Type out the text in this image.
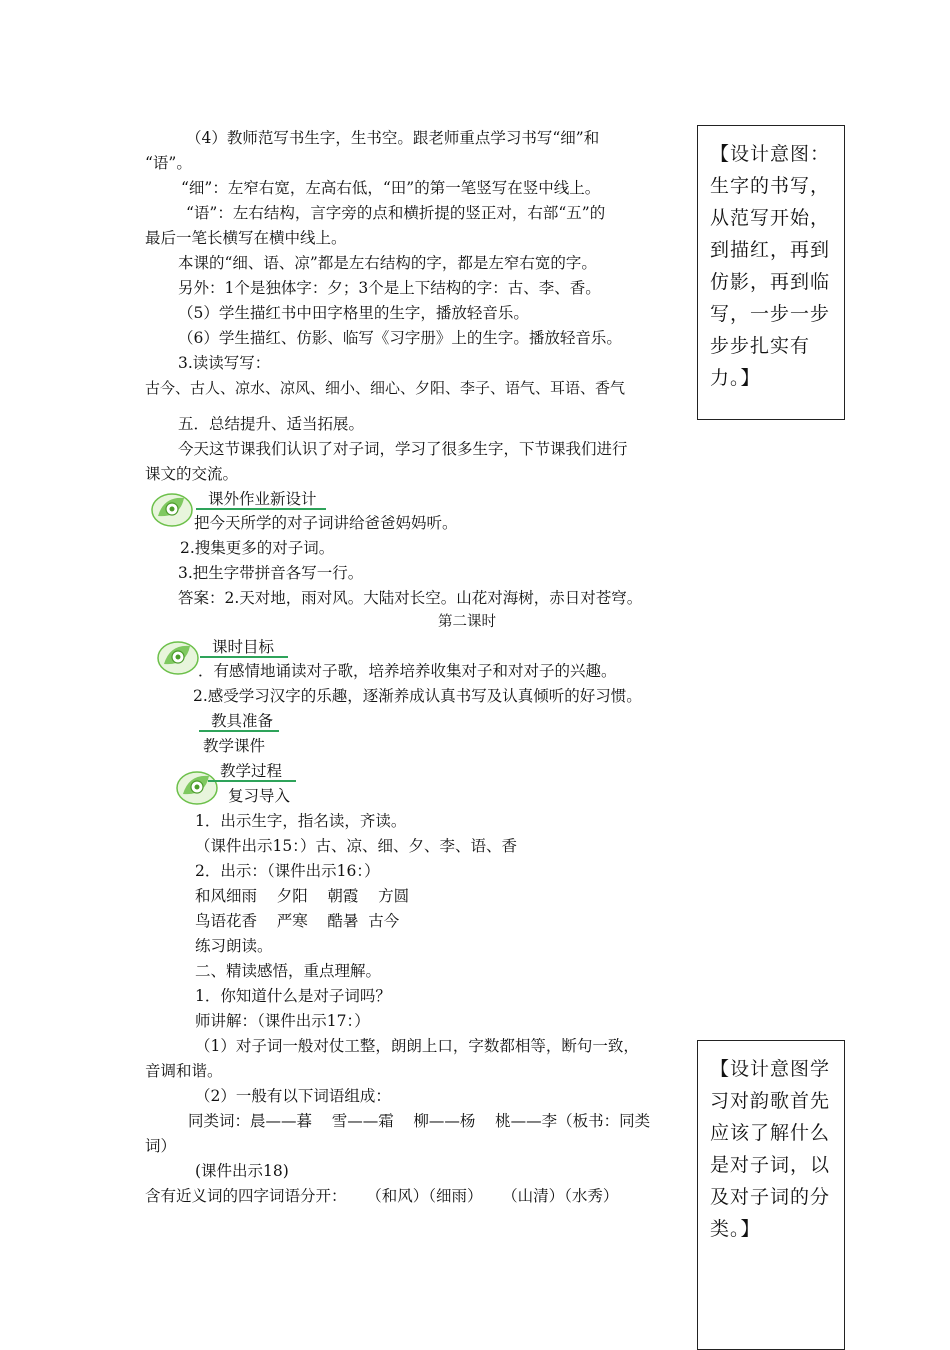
（4）教师范写书生字，生书空。跟老师重点学习书写“细”和
“语”。
“细”：左窄右宽，左高右低，“田”的第一笔竖写在竖中线上。
“语”：左右结构，言字旁的点和横折提的竖正对，右部“五”的
最后一笔长横写在横中线上。
本课的“细、语、凉”都是左右结构的字，都是左窄右宽的字。
另外：1个是独体字：夕；3个是上下结构的字：古、李、香。
（5）学生描红书中田字格里的生字，播放轻音乐。
（6）学生描红、仿影、临写《习字册》上的生字。播放轻音乐。
3.读读写写：
古今、古人、凉水、凉风、细小、细心、夕阳、李子、语气、耳语、香气
五．总结提升、适当拓展。
今天这节课我们认识了对子词，学习了很多生字，下节课我们进行
课文的交流。
课外作业新设计
把今天所学的对子词讲给爸爸妈妈听。
2.搜集更多的对子词。
3.把生字带拼音各写一行。
答案：2.天对地，雨对风。大陆对长空。山花对海树，赤日对苍穹。
第二课时
课时目标
．有感情地诵读对子歌，培养培养收集对子和对对子的兴趣。
2.感受学习汉字的乐趣，逐渐养成认真书写及认真倾听的好习惯。
教具准备
教学课件
教学过程
复习导入
1．出示生字，指名读，齐读。
（课件出示15：）古、凉、细、夕、李、语、香
2．出示：（课件出示16：）
和风细雨    夕阳    朝霞    方圆
鸟语花香    严寒    酷暑  古今
练习朗读。
二、精读感悟，重点理解。
1．你知道什么是对子词吗？
师讲解：（课件出示17：）
（1）对子词一般对仗工整，朗朗上口，字数都相等，断句一致，
音调和谐。
（2）一般有以下词语组成：
同类词：晨——暮    雪——霜    柳——杨    桃——李（板书：同类
词）
(课件出示18)
含有近义词的四字词语分开：    （和风）（细雨）    （山清）（水秀）
【设计意图：生字的书写，从范写开始，到描红，再到仿影，再到临写，一步一步步步扎实有力。】
【设计意图学习对韵歌首先应该了解什么是对子词，以及对子词的分类。】
